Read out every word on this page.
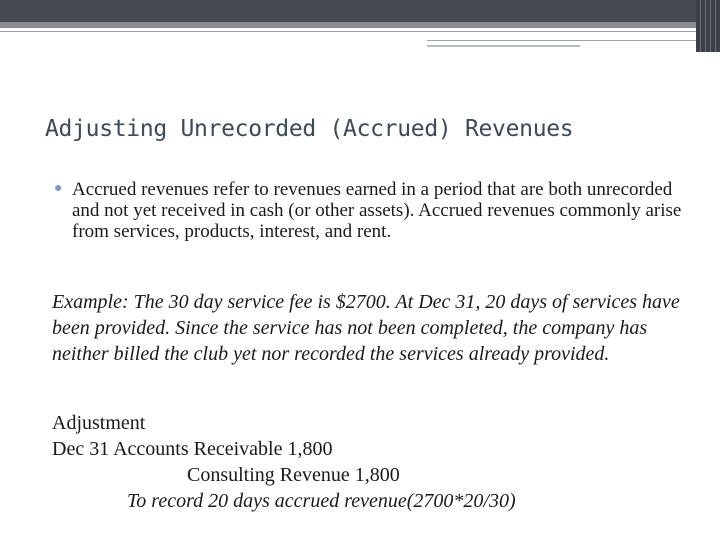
Adjusting Unrecorded (Accrued) Revenues
● Accrued revenues refer to revenues earned in a period that are both unrecorded and not yet received in cash (or other assets). Accrued revenues commonly arise from services, products, interest, and rent.
Example: The 30 day service fee is $2700. At Dec 31, 20 days of services have been provided. Since the service has not been completed, the company has neither billed the club yet nor recorded the services already provided.
Adjustment
Dec 31 Accounts Receivable 1,800
Consulting Revenue 1,800
To record 20 days accrued revenue(2700*20/30)
